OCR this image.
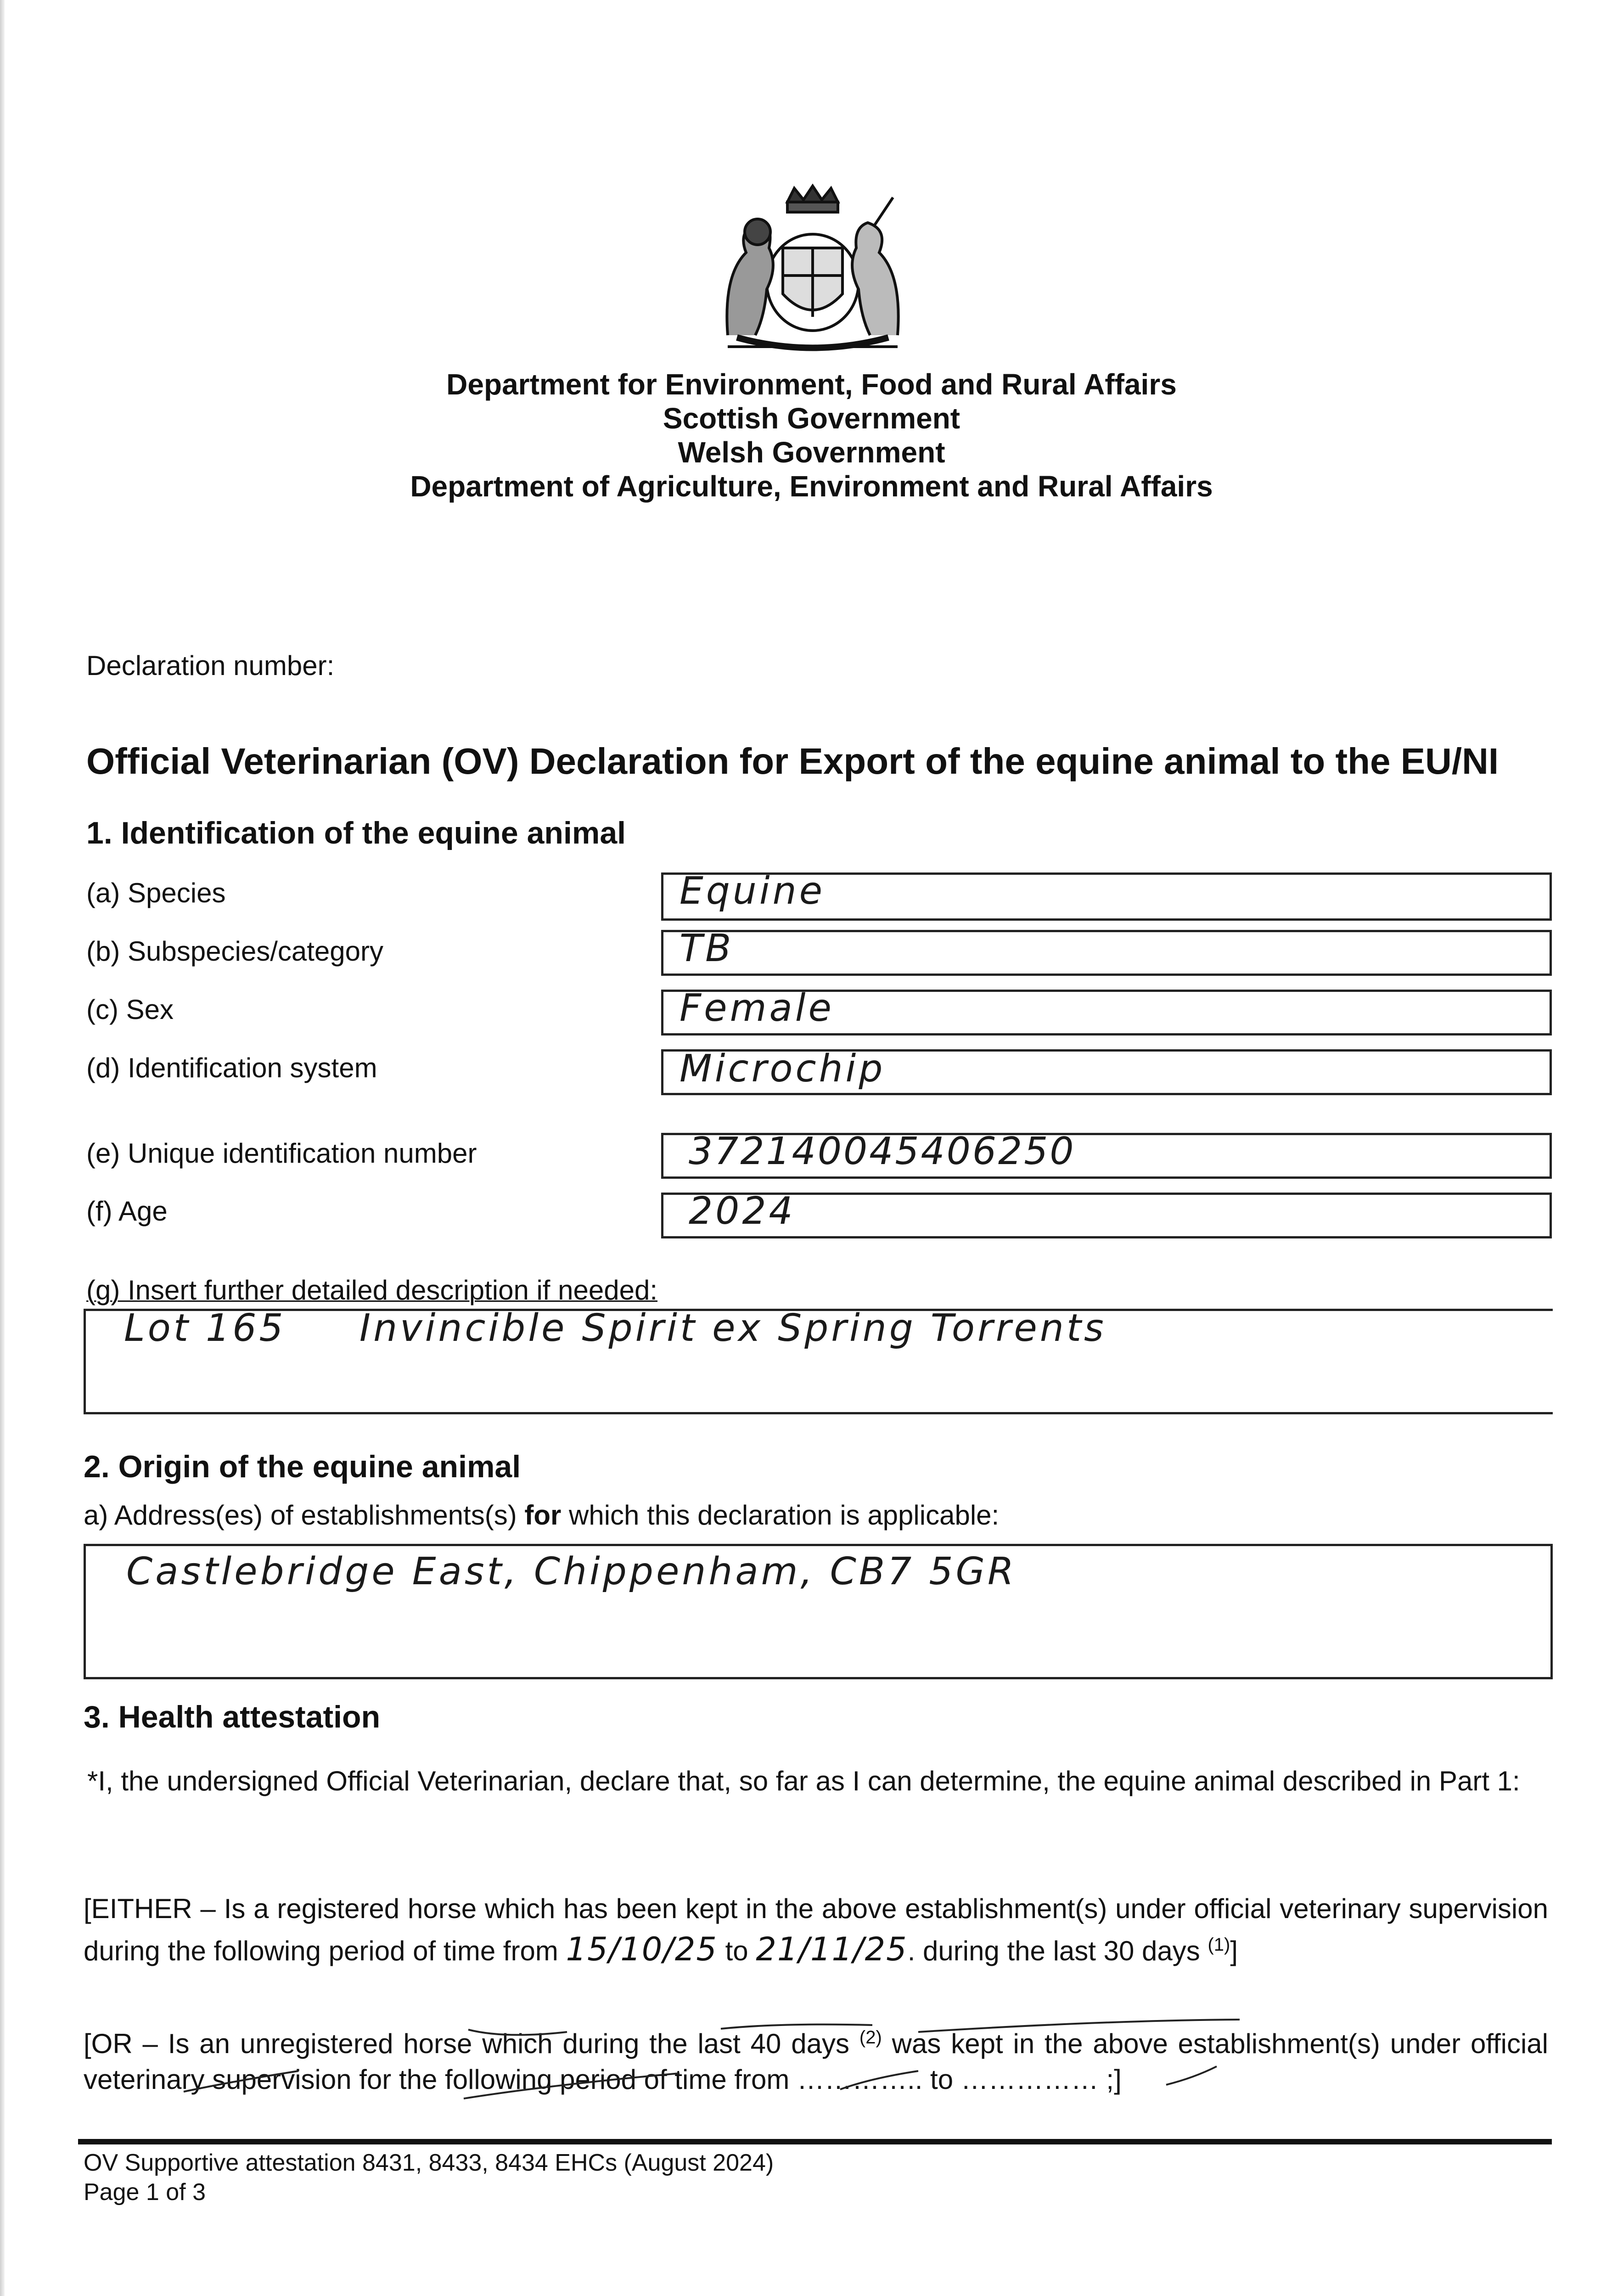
Department for Environment, Food and Rural Affairs
Scottish Government
Welsh Government
Department of Agriculture, Environment and Rural Affairs
Declaration number:
Official Veterinarian (OV) Declaration for Export of the equine animal to the EU/NI
1. Identification of the equine animal
(a) Species	Equine
(b) Subspecies/category	TB
(c) Sex	Female
(d) Identification system	Microchip
(e) Unique identification number	372140045406250
(f) Age	2024
(g) Insert further detailed description if needed:
Lot 165     Invincible Spirit ex Spring Torrents
2. Origin of the equine animal
a) Address(es) of establishments(s) for which this declaration is applicable:
Castlebridge East, Chippenham, CB7 5GR
3. Health attestation
*I, the undersigned Official Veterinarian, declare that, so far as I can determine, the equine animal described in Part 1:
[EITHER – Is a registered horse which has been kept in the above establishment(s) under official veterinary supervision during the following period of time from 15/10/25 to 21/11/25. during the last 30 days $^{(1)}$]
[OR – Is an unregistered horse which during the last 40 days $^{(2)}$ was kept in the above establishment(s) under official veterinary supervision for the following period of time from ………….. to …………… ;]
OV Supportive attestation 8431, 8433, 8434 EHCs (August 2024)
Page 1 of 3
